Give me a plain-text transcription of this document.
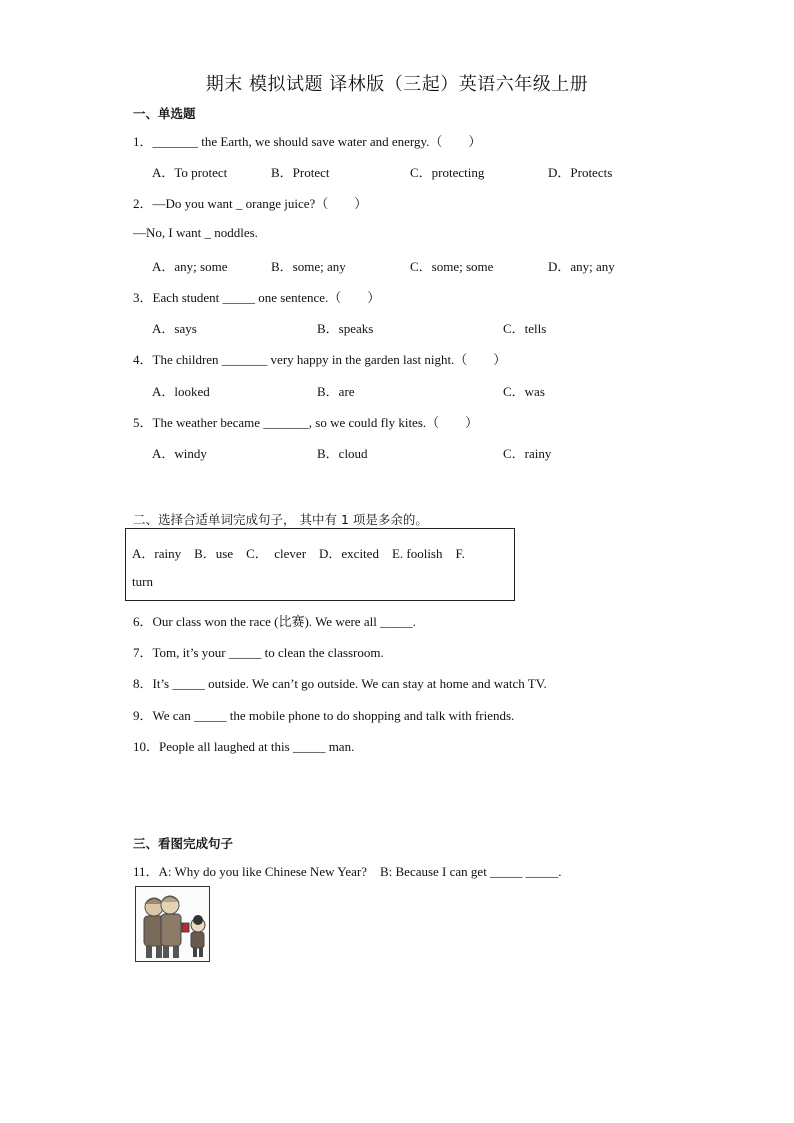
期末 模拟试题 译林版（三起）英语六年级上册
一、单选题
1．_______ the Earth, we should save water and energy.（　　）
A．To protect	B．Protect	C．protecting	D．Protects
2．—Do you want _ orange juice?（　　）
—No, I want _ noddles.
A．any; some	B．some; any	C．some; some	D．any; any
3．Each student _____ one sentence.（　　）
A．says	B．speaks	C．tells
4．The children _______ very happy in the garden last night.（　　）
A．looked	B．are	C．was
5．The weather became _______, so we could fly kites.（　　）
A．windy	B．cloud	C．rainy
二、选择合适单词完成句子， 其中有 1 项是多余的。
A．rainy　B．use　C．　clever　D．excited　E. foolish　F.
turn
6．Our class won the race (比赛). We were all _____.
7．Tom, it’s your _____ to clean the classroom.
8．It’s _____ outside. We can’t go outside. We can stay at home and watch TV.
9．We can _____ the mobile phone to do shopping and talk with friends.
10．People all laughed at this _____ man.
三、看图完成句子
11．A: Why do you like Chinese New Year?　B: Because I can get _____ _____.
